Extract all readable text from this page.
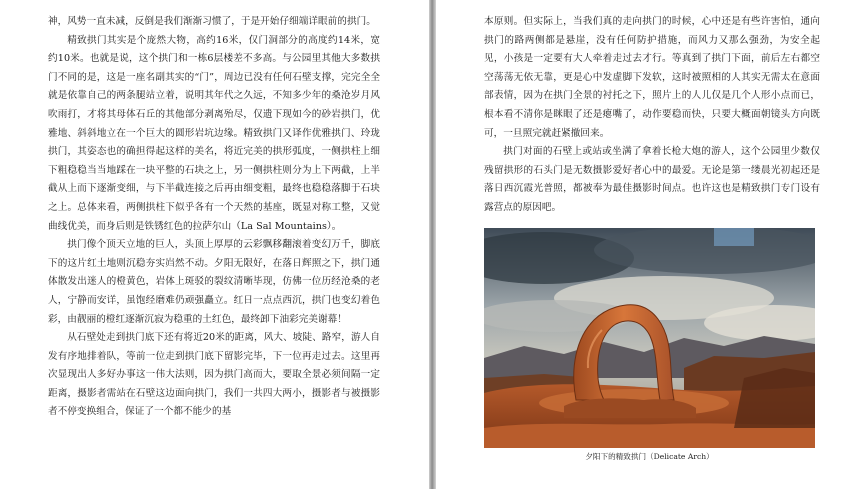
神，风势一直未减，反倒是我们渐渐习惯了，于是开始仔细端详眼前的拱门。

精致拱门其实是个庞然大物，高约16米，仅门洞部分的高度约14米，宽约10米。也就是说，这个拱门和一栋6层楼差不多高。与公园里其他大多数拱门不同的是，这是一座名副其实的“门”，周边已没有任何石壁支撑，完完全全就是依靠自己的两条腿站立着，说明其年代之久远，不知多少年的桑沧岁月风吹雨打，才将其母体石丘的其他部分剥离殆尽，仅遗下现如今的砂岩拱门，优雅地、斜斜地立在一个巨大的圆形岩坑边缘。精致拱门又译作优雅拱门、玲珑拱门，其姿态也的确担得起这样的美名，将近完美的拱形弧度，一侧拱柱上细下粗稳稳当当地踩在一块平整的石块之上，另一侧拱柱则分为上下两截，上半截从上而下逐渐变细，与下半截连接之后再由细变粗，最终也稳稳落脚于石块之上。总体来看，两侧拱柱下似乎各有一个天然的基座，既显对称工整，又觉曲线优美，而身后则是铁锈红色的拉萨尔山（La Sal Mountains）。

拱门像个顶天立地的巨人，头顶上厚厚的云彩飘移翻滚着变幻万千，脚底下的这片红土地则沉稳夯实岿然不动。夕阳无限好，在落日辉照之下，拱门通体散发出迷人的橙黄色，岩体上斑驳的裂纹清晰毕现，仿佛一位历经沧桑的老人，宁静而安详，虽饱经磨难仍顽强矗立。红日一点点西沉，拱门也变幻着色彩，由靓丽的橙红逐渐沉寂为稳重的土红色，最终卸下油彩完美谢幕！

从石壁处走到拱门底下还有将近20米的距离，风大、坡陡、路窄，游人自发有序地排着队，等前一位走到拱门底下留影完毕，下一位再走过去。这里再次显现出人多好办事这一伟大法则，因为拱门高而大，要取全景必须间隔一定距离，摄影者需站在石壁这边面向拱门，我们一共四大两小，摄影者与被摄影者不停变换组合，保证了一个都不能少的基

本原则。但实际上，当我们真的走向拱门的时候，心中还是有些许害怕，通向拱门的路两侧都是悬崖，没有任何防护措施，而风力又那么强劲，为安全起见，小孩是一定要有大人牵着走过去才行。等真到了拱门下面，前后左右都空空荡荡无依无靠，更是心中发虚脚下发软，这时被照相的人其实无需太在意面部表情，因为在拱门全景的衬托之下，照片上的人儿仅是几个人形小点而已，根本看不清你是眯眼了还是瘪嘴了，动作要稳而快，只要大概面朝镜头方向既可，一旦照完就赶紧撤回来。

拱门对面的石壁上或站或坐满了拿着长枪大炮的游人，这个公园里少数仅残留拱形的石头门是无数摄影爱好者心中的最爱。无论是第一缕晨光初起还是落日西沉霞光普照，都被奉为最佳摄影时间点。也许这也是精致拱门专门设有露营点的原因吧。

夕阳下的精致拱门（Delicate Arch）
